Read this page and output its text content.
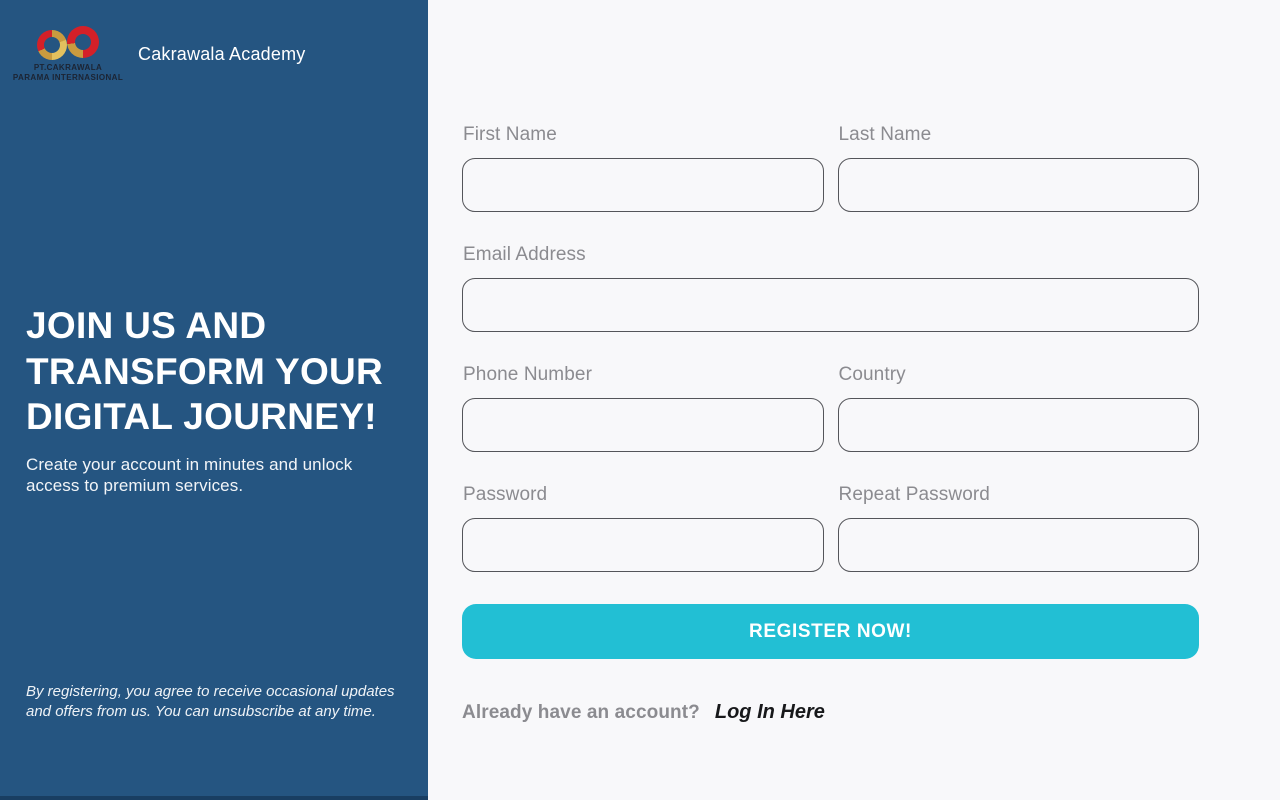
PT.CAKRAWALA
PARAMA INTERNASIONAL
Cakrawala Academy
JOIN US AND TRANSFORM YOUR DIGITAL JOURNEY!
Create your account in minutes and unlock access to premium services.
By registering, you agree to receive occasional updates and offers from us. You can unsubscribe at any time.
First Name	Last Name
Email Address
Phone Number	Country
Password	Repeat Password
REGISTER NOW!
Already have an account? Log In Here
